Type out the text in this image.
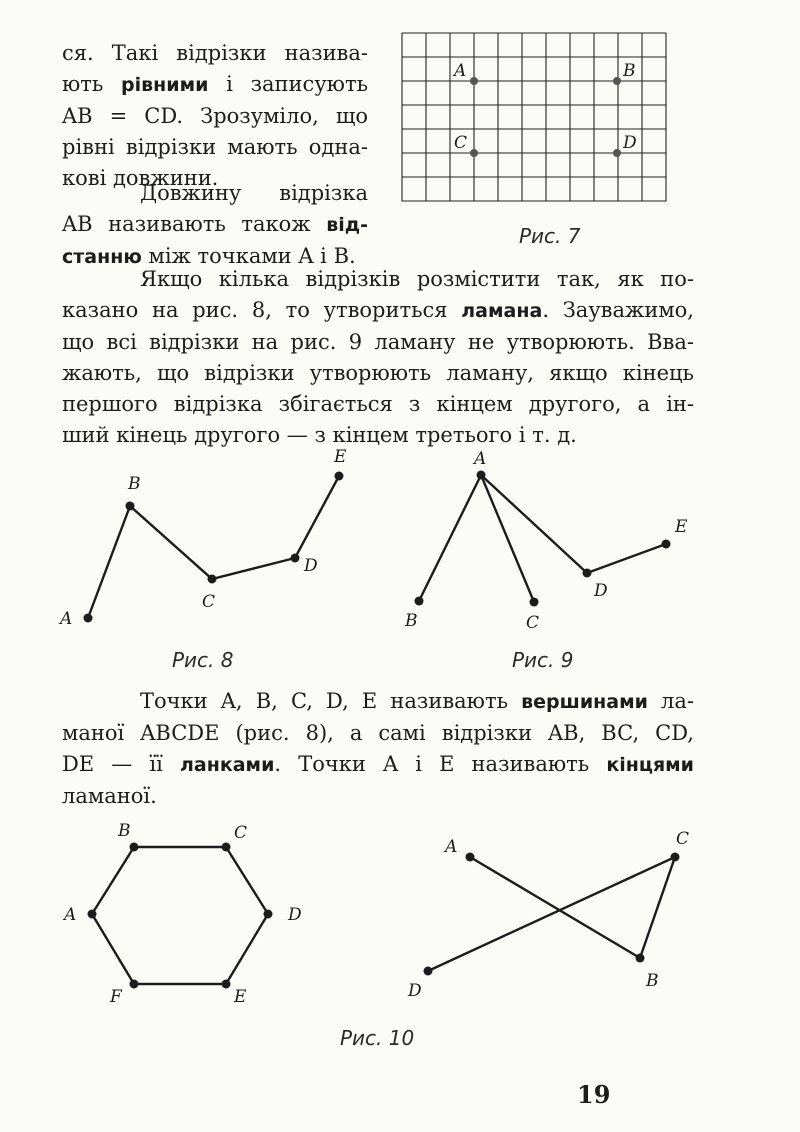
ся. Такі відрізки назива-
ють рівними і записують
AB = CD. Зрозуміло, що
рівні відрізки мають однa-
кові довжини.
Довжину відрізка
AB називають також від-
станню між точками A і B.
A	B
C	D
Рис. 7
Якщо кілька відрізків розмістити так, як по-
казано на рис. 8, то утвориться ламана. Зауважимо,
що всі відрізки на рис. 9 ламану не утворюють. Вва-
жають, що відрізки утворюють ламану, якщо кінець
першого відрізка збігається з кінцем другого, а ін-
ший кінець другого — з кінцем третього і т. д.
A
B
C
D
E
Рис. 8
A
B	C
D
E
Рис. 9
Точки A, B, C, D, E називають вершинами ла-
маної ABCDE (рис. 8), а самі відрізки AB, BC, CD,
DE — її ланками. Точки A і E називають кінцями
ламаної.
A
B	C
D
E
F
A
B
C
D
Рис. 10
19
